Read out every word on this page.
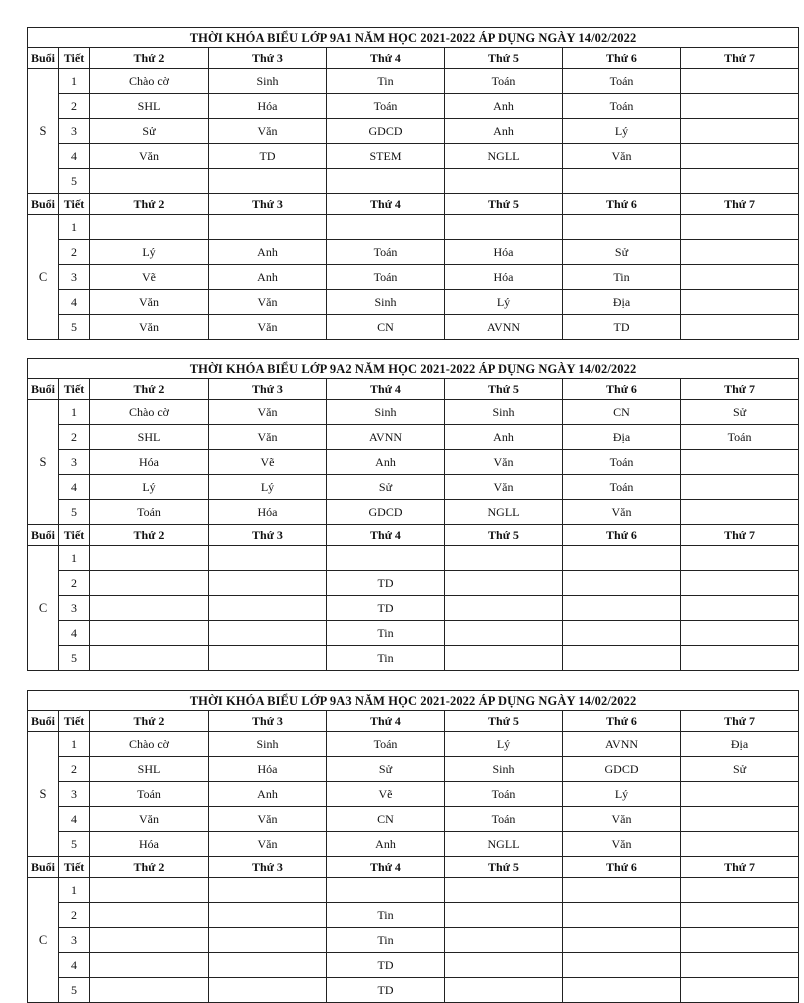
THỜI KHÓA BIỂU LỚP 9A1 NĂM HỌC 2021-2022 ÁP DỤNG NGÀY 14/02/2022							
Buổi	Tiết	Thứ 2	Thứ 3	Thứ 4	Thứ 5	Thứ 6	Thứ 7
S	1	Chào cờ	Sinh	Tin	Toán	Toán	
	2	SHL	Hóa	Toán	Anh	Toán	
	3	Sử	Văn	GDCD	Anh	Lý	
	4	Văn	TD	STEM	NGLL	Văn	
	5						
Buổi	Tiết	Thứ 2	Thứ 3	Thứ 4	Thứ 5	Thứ 6	Thứ 7
C	1						
	2	Lý	Anh	Toán	Hóa	Sử	
	3	Vẽ	Anh	Toán	Hóa	Tin	
	4	Văn	Văn	Sinh	Lý	Địa	
	5	Văn	Văn	CN	AVNN	TD	
THỜI KHÓA BIỂU LỚP 9A2 NĂM HỌC 2021-2022 ÁP DỤNG NGÀY 14/02/2022							
Buổi	Tiết	Thứ 2	Thứ 3	Thứ 4	Thứ 5	Thứ 6	Thứ 7
S	1	Chào cờ	Văn	Sinh	Sinh	CN	Sử
	2	SHL	Văn	AVNN	Anh	Địa	Toán
	3	Hóa	Vẽ	Anh	Văn	Toán	
	4	Lý	Lý	Sử	Văn	Toán	
	5	Toán	Hóa	GDCD	NGLL	Văn	
Buổi	Tiết	Thứ 2	Thứ 3	Thứ 4	Thứ 5	Thứ 6	Thứ 7
C	1						
	2			TD			
	3			TD			
	4			Tin			
	5			Tin			
THỜI KHÓA BIỂU LỚP 9A3 NĂM HỌC 2021-2022 ÁP DỤNG NGÀY 14/02/2022							
Buổi	Tiết	Thứ 2	Thứ 3	Thứ 4	Thứ 5	Thứ 6	Thứ 7
S	1	Chào cờ	Sinh	Toán	Lý	AVNN	Địa
	2	SHL	Hóa	Sử	Sinh	GDCD	Sử
	3	Toán	Anh	Vẽ	Toán	Lý	
	4	Văn	Văn	CN	Toán	Văn	
	5	Hóa	Văn	Anh	NGLL	Văn	
Buổi	Tiết	Thứ 2	Thứ 3	Thứ 4	Thứ 5	Thứ 6	Thứ 7
C	1						
	2			Tin			
	3			Tin			
	4			TD			
	5			TD			
